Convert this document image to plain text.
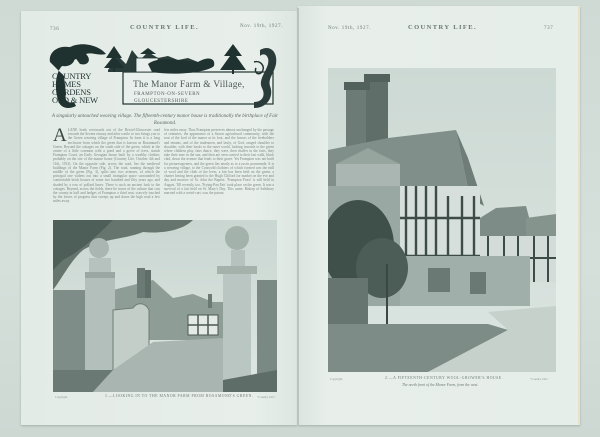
736	COUNTRY LIFE.	Nov. 19th, 1927.	Nov. 19th, 1927.	COUNTRY LIFE.	737
COUNTRY
HOMES
GARDENS
OLD & NEW
The Manor Farm & Village,
FRAMPTON-ON-SEVERN
GLOUCESTERSHIRE
A singularly untouched weaving village. The fifteenth-century manor house is traditionally the birthplace of Fair Rosamond.
A LANE leads westwards out of the Bristol-Gloucester road towards the Severn estuary and after a mile or two brings you to the Green weaving village of Frampton. In form it is a long enclosure from which the green that is known as Rosamund's Green. Beyond the cottages on the south side of the green, which in the centre of a little common with a pond and a grove of trees, stands Frampton Court, an Early Georgian house built by a wealthy clothier, probably on the site of the manor house (Country Life, October 4th and 11th, 1913). On the opposite side, across the road, lies the medieval buildings of the Manor Farm (Fig. 2). The road, running through the middle of the green (Fig. 3), splits into two avenues, of which the principal one widens out into a small triangular space surrounded by comfortable brick houses of some two hundred and fifty years ago, and shaded by a row of pollard limes. There is such an ancient look to the cottages. Beyond, across the fields, there lie traces of the culture that cuts the county in half and hedges of Frampton a third seat, scarcely touched by the forces of progress that sweeps up and down the high road a few miles away.
few miles away. Thus Frampton preserves almost unchanged by the passage of centuries, the appearance of a Saxon agricultural community, with the seat of the lord of the manor at its foot, and the houses of the freeholders and tenants, and of the tradesmen, and lastly, of God, ranged shoulder to shoulder, with their backs to the outer world, looking inwards to the green where children play, fairs dance, they were, then chaffer in the fairs, they take their ease in the sun, and then are seen carried to their last walk, black clad, down the avenue that leads to their grave. Yet Frampton was not built for picturesqueness, and the green lies nearly as to a rustic promenade. It is a weaving village, to the Cotswold clothiers of which formed was the mill of wool and the cloth of the lever, a fair has been held on the green, a charter having been granted to the Hugh Clifford for market on the eve and day and morrow of St. John the Baptist. 'Frampton Feast' is still held in August. Till recently, too, 'Frying-Pan Fair' took place on the green. It was a survival of a fair held on St. Mary's Day. This same, Bishop of Salisbury married with a weird-cart, was the patron.
Copyright.	1.—LOOKING IN TO THE MANOR FARM FROM ROSAMOND'S GREEN. "Country Life."
Copyright.	2.—A FIFTEENTH-CENTURY WOOL-GROWER'S HOUSE.	"Country Life."
The north front of the Manor Farm, from the west.
